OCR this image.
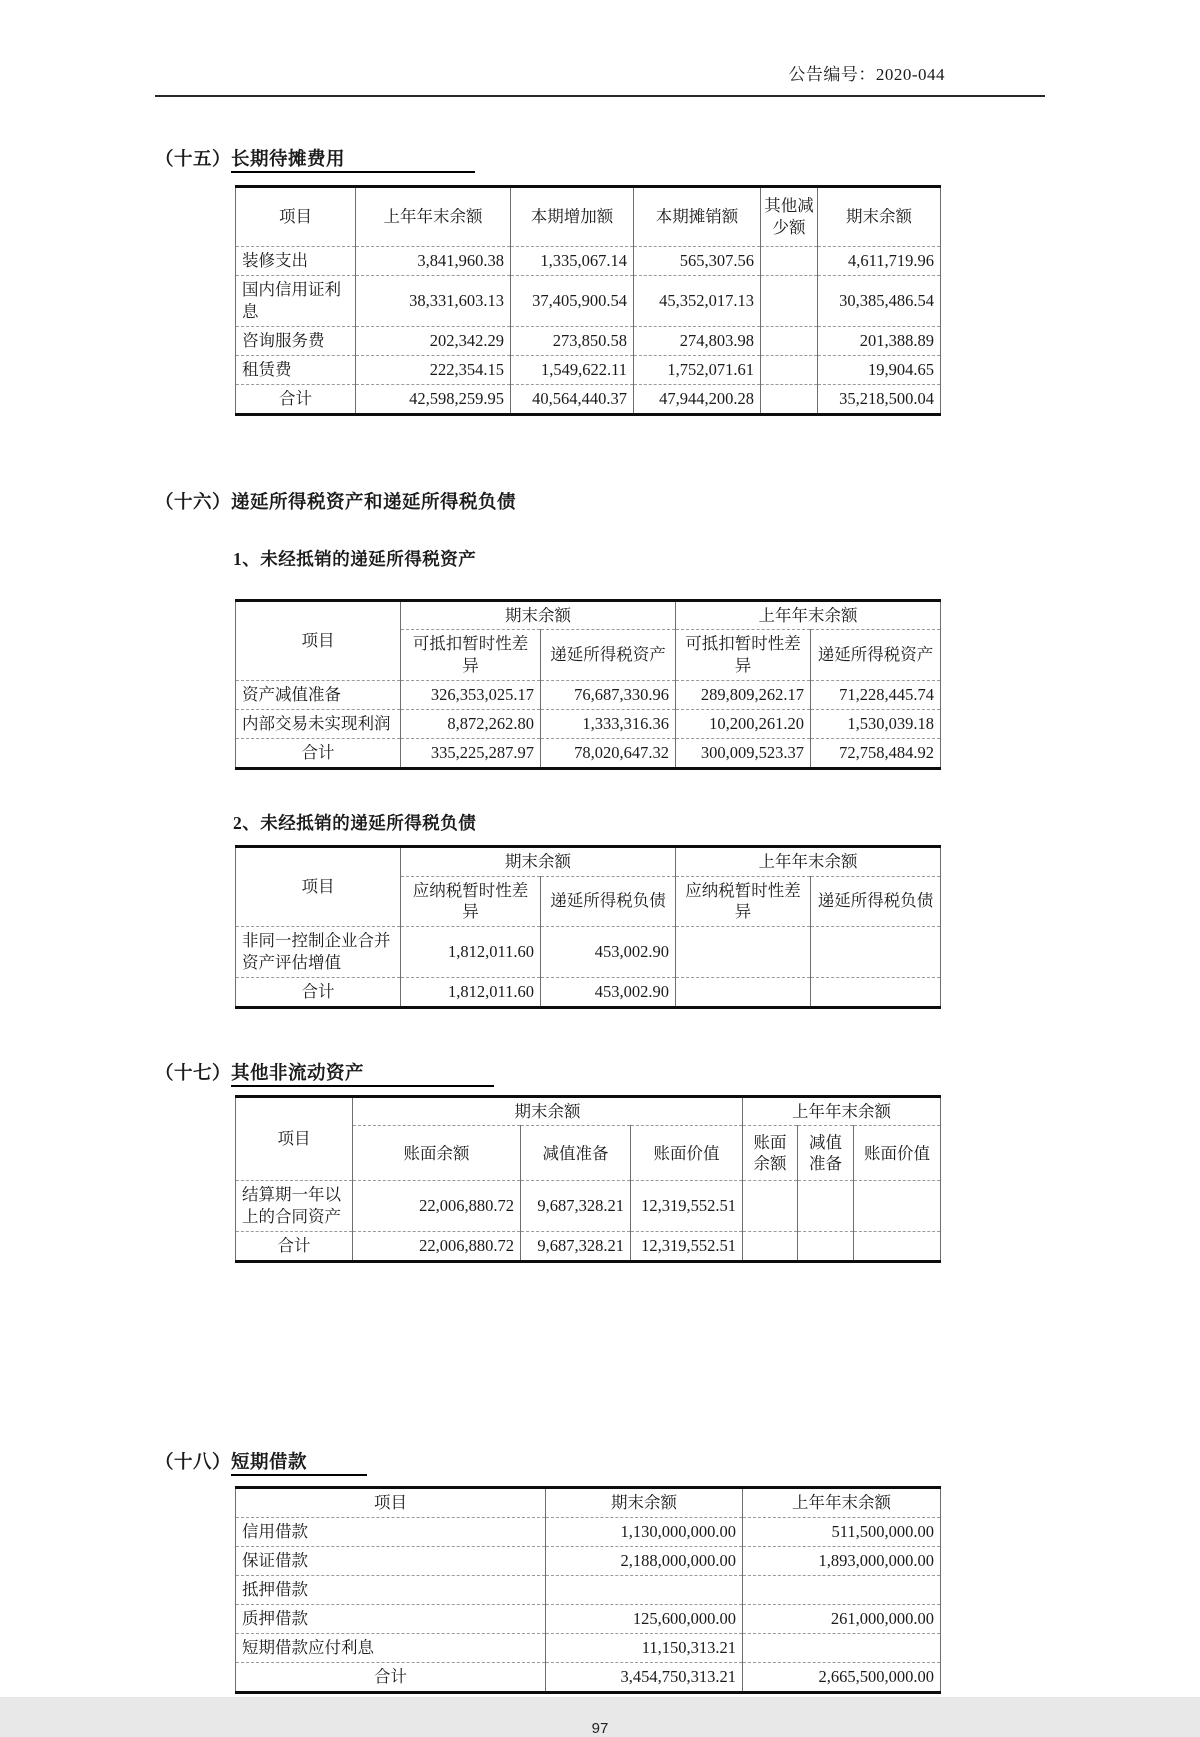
公告编号：2020-044

（十五）长期待摊费用

项目	上年年末余额	本期增加额	本期摊销额	其他减少额	期末余额
装修支出	3,841,960.38	1,335,067.14	565,307.56		4,611,719.96
国内信用证利息	38,331,603.13	37,405,900.54	45,352,017.13		30,385,486.54
咨询服务费	202,342.29	273,850.58	274,803.98		201,388.89
租赁费	222,354.15	1,549,622.11	1,752,071.61		19,904.65
合计	42,598,259.95	40,564,440.37	47,944,200.28		35,218,500.04

（十六）递延所得税资产和递延所得税负债

1、未经抵销的递延所得税资产

项目	期末余额		上年年末余额	
	可抵扣暂时性差异	递延所得税资产	可抵扣暂时性差异	递延所得税资产
资产减值准备	326,353,025.17	76,687,330.96	289,809,262.17	71,228,445.74
内部交易未实现利润	8,872,262.80	1,333,316.36	10,200,261.20	1,530,039.18
合计	335,225,287.97	78,020,647.32	300,009,523.37	72,758,484.92

2、未经抵销的递延所得税负债

项目	期末余额		上年年末余额	
	应纳税暂时性差异	递延所得税负债	应纳税暂时性差异	递延所得税负债
非同一控制企业合并资产评估增值	1,812,011.60	453,002.90		
合计	1,812,011.60	453,002.90		

（十七）其他非流动资产

项目	期末余额			上年年末余额		
	账面余额	减值准备	账面价值	账面余额	减值准备	账面价值
结算期一年以上的合同资产	22,006,880.72	9,687,328.21	12,319,552.51			
合计	22,006,880.72	9,687,328.21	12,319,552.51			

（十八）短期借款

项目	期末余额	上年年末余额
信用借款	1,130,000,000.00	511,500,000.00
保证借款	2,188,000,000.00	1,893,000,000.00
抵押借款		
质押借款	125,600,000.00	261,000,000.00
短期借款应付利息	11,150,313.21	
合计	3,454,750,313.21	2,665,500,000.00
97
